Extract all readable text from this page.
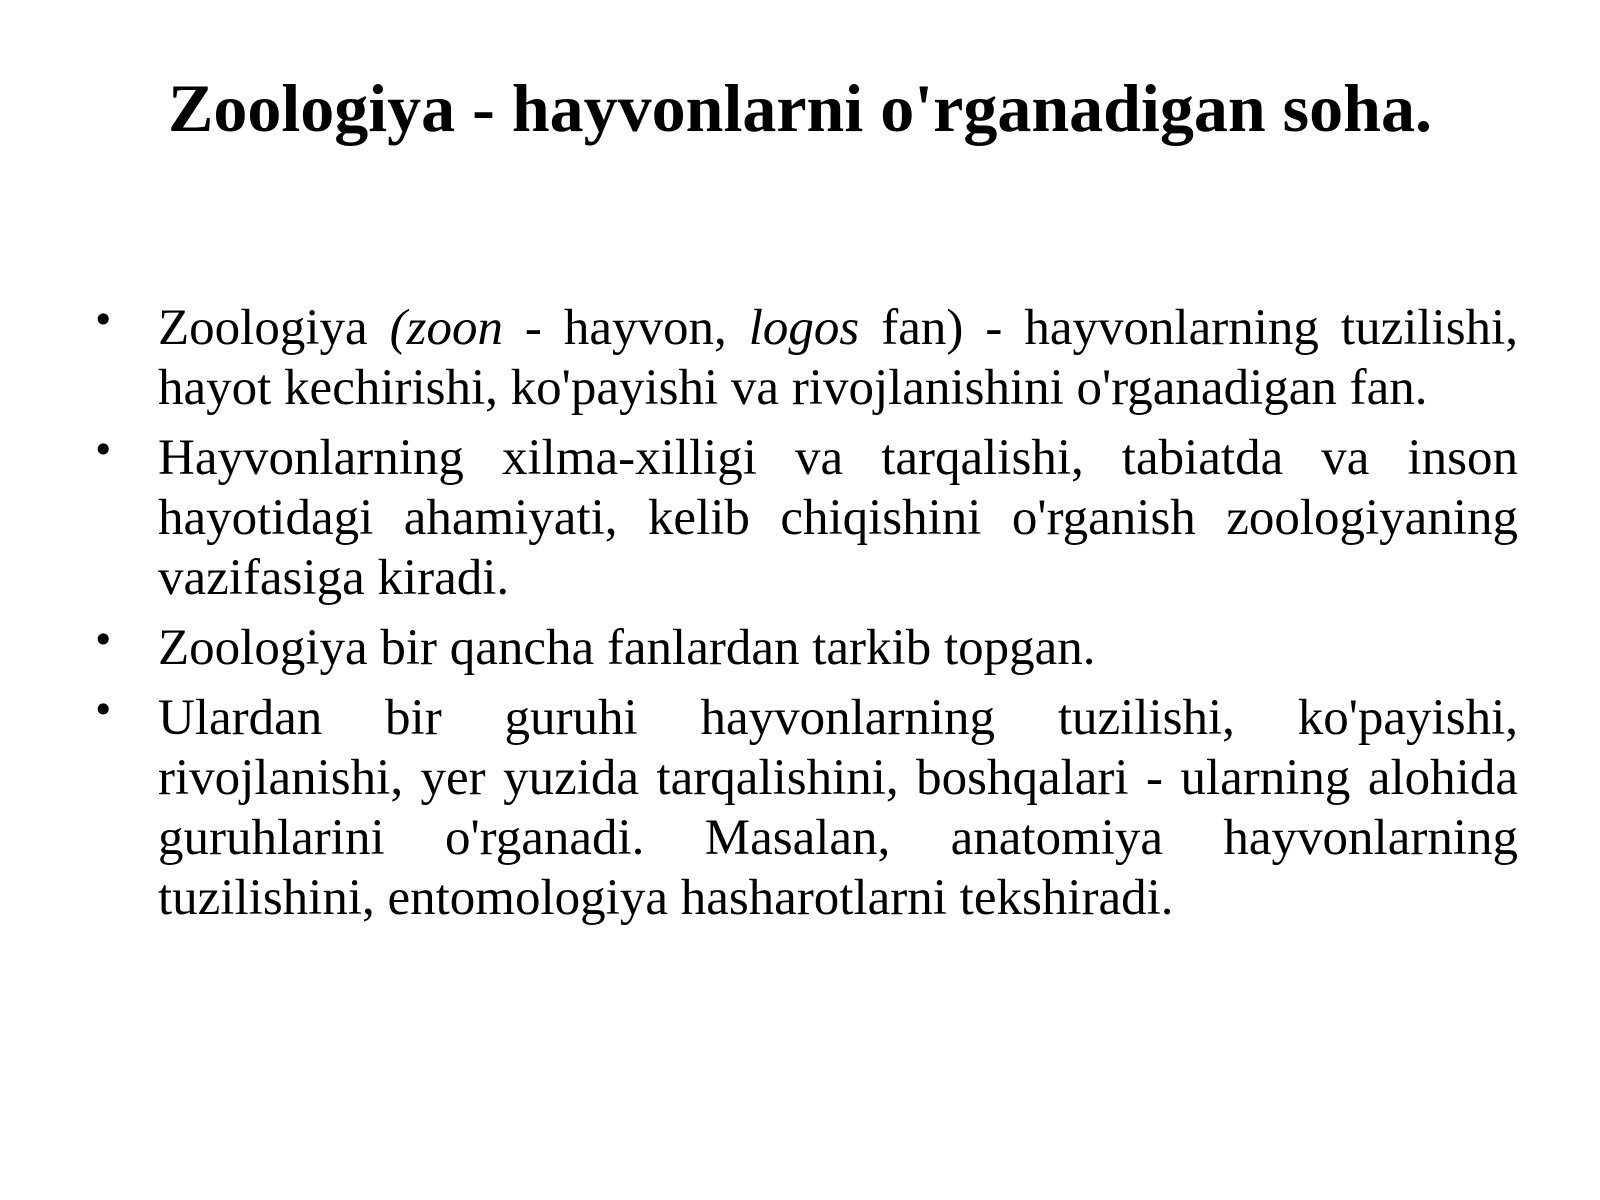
Zoologiya - hayvonlarni o'rganadigan soha.
• Zoologiya (zoon - hayvon, logos fan) - hayvonlarning tuzilishi, hayot kechirishi, ko'payishi va rivojlanishini o'rganadigan fan.
• Hayvonlarning xilma-xilligi va tarqalishi, tabiatda va inson hayotidagi ahamiyati, kelib chiqishini o'rganish zoologiyaning vazifasiga kiradi.
• Zoologiya bir qancha fanlardan tarkib topgan.
• Ulardan bir guruhi hayvonlarning tuzilishi, ko'payishi, rivojlanishi, yer yuzida tarqalishini, boshqalari - ularning alohida guruhlarini o'rganadi. Masalan, anatomiya hayvonlarning tuzilishini, entomologiya hasharotlarni tekshiradi.
